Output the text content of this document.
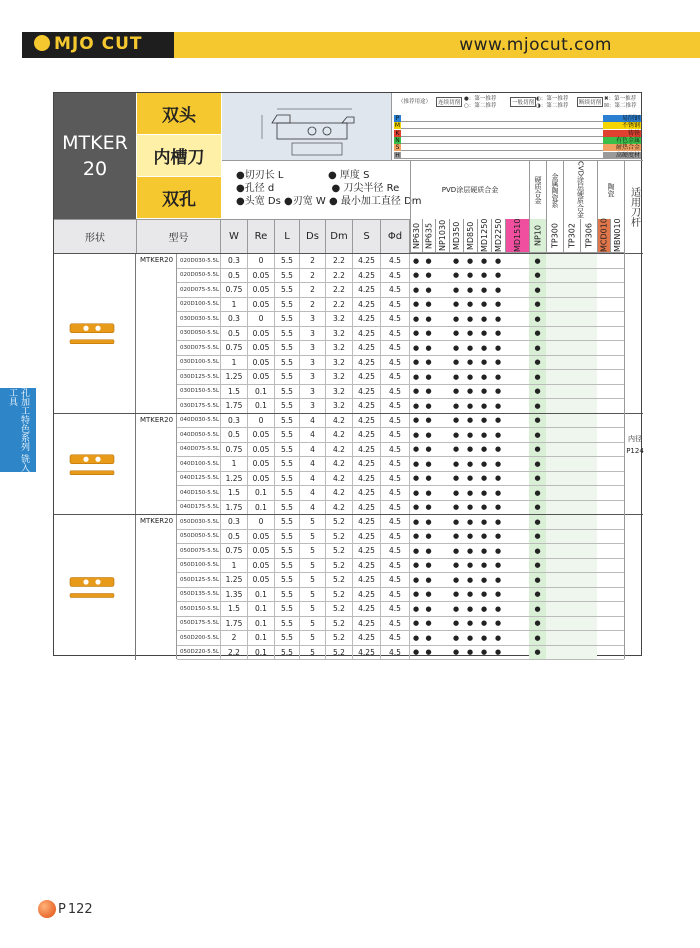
MJO CUT	www.mjocut.com
孔加工特色系列 铣入工具
P 122
MTKER 20
双头
内槽刀
双孔
（推荐用途）	连续切削
●：第一推荐
○：第二推荐	一般切削
◐：第一推荐
◑：第二推荐	断续切削
✖：第一推荐
☒：第二推荐
P	易削钢
M	不锈钢
K	铸铁
N	有色金属
S	耐热合金
H	高硬度材
●切刃长 L	● 厚度 S
●孔径 d	● 刀尖半径 Re
●头宽 Ds ●刃宽 W ● 最小加工直径 Dm
PVD涂层硬质合金	硬质合金	金属陶瓷系	CVD涂层硬质合金	陶瓷	适用刀杆
形状	型号	W	Re	L	Ds	Dm	S	Φd	NP630 NP635 NP1030 MD350 MD850 MD1250 MD2250	MD1510	NP10	TP300	TP302	TP306 MCD010 MBN010
MTKER20	020D030-5.5L	0.3	0	5.5	2	2.2	4.25	4.5	● ●	●	●	●	●	●
020D050-5.5L	0.5	0.05	5.5	2	2.2	4.25	4.5	● ●	●	●	●	●	●
020D075-5.5L 0.75	0.05	5.5	2	2.2	4.25	4.5	● ●	●	●	●	●	●
020D100-5.5L	1	0.05	5.5	2	2.2	4.25	4.5	● ●	●	●	●	●	●
030D030-5.5L	0.3	0	5.5	3	3.2	4.25	4.5	● ●	●	●	●	●	●
030D050-5.5L	0.5	0.05	5.5	3	3.2	4.25	4.5	● ●	●	●	●	●	●
030D075-5.5L 0.75	0.05	5.5	3	3.2	4.25	4.5	● ●	●	●	●	●	●
030D100-5.5L	1	0.05	5.5	3	3.2	4.25	4.5	● ●	●	●	●	●	●
030D125-5.5L 1.25	0.05	5.5	3	3.2	4.25	4.5	● ●	●	●	●	●	●
030D150-5.5L	1.5	0.1	5.5	3	3.2	4.25	4.5	● ●	●	●	●	●	●
030D175-5.5L 1.75	0.1	5.5	3	3.2	4.25	4.5	● ●	●	●	●	●	●
MTKER20	040D030-5.5L	0.3	0	5.5	4	4.2	4.25	4.5	● ●	●	●	●	●	●
040D050-5.5L	0.5	0.05	5.5	4	4.2	4.25	4.5	● ●	●	●	●	●	●
040D075-5.5L 0.75	0.05	5.5	4	4.2	4.25	4.5	● ●	●	●	●	●	●
040D100-5.5L	1	0.05	5.5	4	4.2	4.25	4.5	● ●	●	●	●	●	●
040D125-5.5L 1.25	0.05	5.5	4	4.2	4.25	4.5	● ●	●	●	●	●	●
040D150-5.5L	1.5	0.1	5.5	4	4.2	4.25	4.5	● ●	●	●	●	●	●
040D175-5.5L 1.75	0.1	5.5	4	4.2	4.25	4.5	● ●	●	●	●	●	●
MTKER20	050D030-5.5L	0.3	0	5.5	5	5.2	4.25	4.5	● ●	●	●	●	●	●
050D050-5.5L	0.5	0.05	5.5	5	5.2	4.25	4.5	● ●	●	●	●	●	●
050D075-5.5L 0.75	0.05	5.5	5	5.2	4.25	4.5	● ●	●	●	●	●	●
050D100-5.5L	1	0.05	5.5	5	5.2	4.25	4.5	● ●	●	●	●	●	●
050D125-5.5L 1.25	0.05	5.5	5	5.2	4.25	4.5	● ●	●	●	●	●	●
050D135-5.5L 1.35	0.1	5.5	5	5.2	4.25	4.5	● ●	●	●	●	●	●
050D150-5.5L	1.5	0.1	5.5	5	5.2	4.25	4.5	● ●	●	●	●	●	●
050D175-5.5L 1.75	0.1	5.5	5	5.2	4.25	4.5	● ●	●	●	●	●	●
050D200-5.5L	2	0.1	5.5	5	5.2	4.25	4.5	● ●	●	●	●	●	●
050D220-5.5L	2.2	0.1	5.5	5	5.2	4.25	4.5	● ●	●	●	●	●	●
内径
P124
